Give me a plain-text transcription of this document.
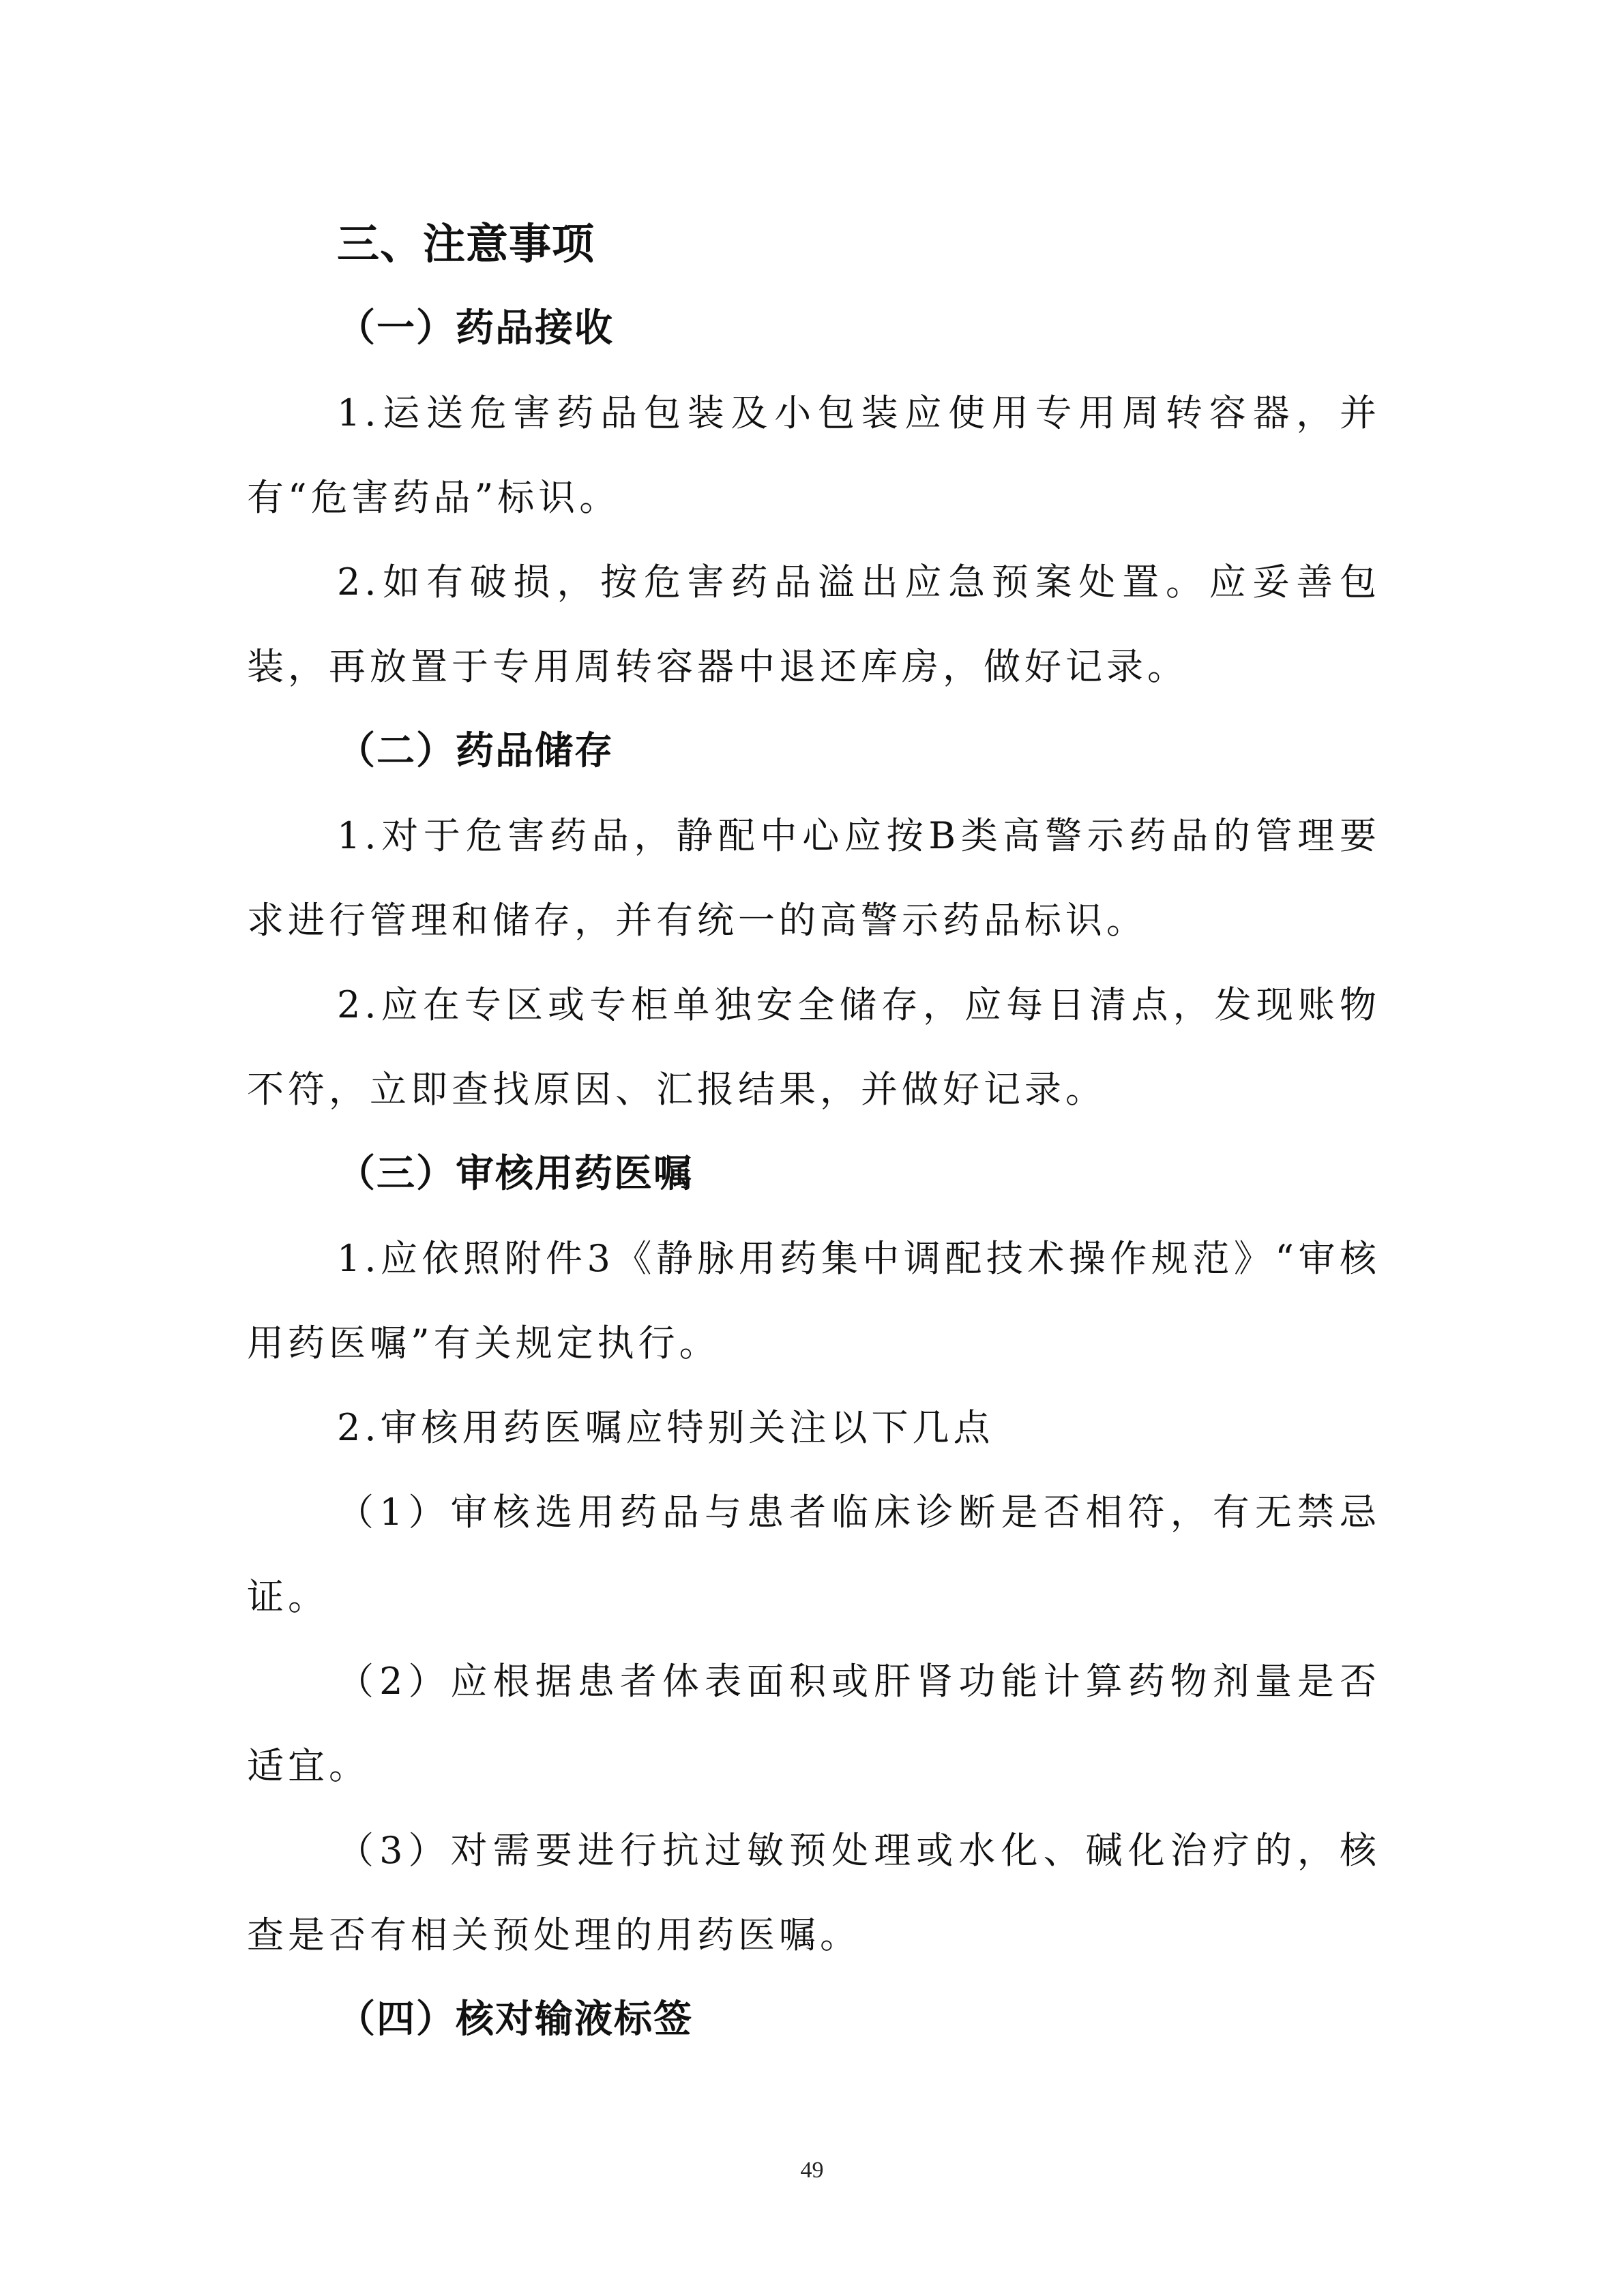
三、注意事项
（一）药品接收

1.运送危害药品包装及小包装应使用专用周转容器，并有“危害药品”标识。

2.如有破损，按危害药品溢出应急预案处置。应妥善包装，再放置于专用周转容器中退还库房，做好记录。

（二）药品储存

1.对于危害药品，静配中心应按B类高警示药品的管理要求进行管理和储存，并有统一的高警示药品标识。

2.应在专区或专柜单独安全储存，应每日清点，发现账物不符，立即查找原因、汇报结果，并做好记录。

（三）审核用药医嘱

1.应依照附件3《静脉用药集中调配技术操作规范》“审核用药医嘱”有关规定执行。

2.审核用药医嘱应特别关注以下几点

（1）审核选用药品与患者临床诊断是否相符，有无禁忌证。

（2）应根据患者体表面积或肝肾功能计算药物剂量是否适宜。

（3）对需要进行抗过敏预处理或水化、碱化治疗的，核查是否有相关预处理的用药医嘱。

（四）核对输液标签
49
